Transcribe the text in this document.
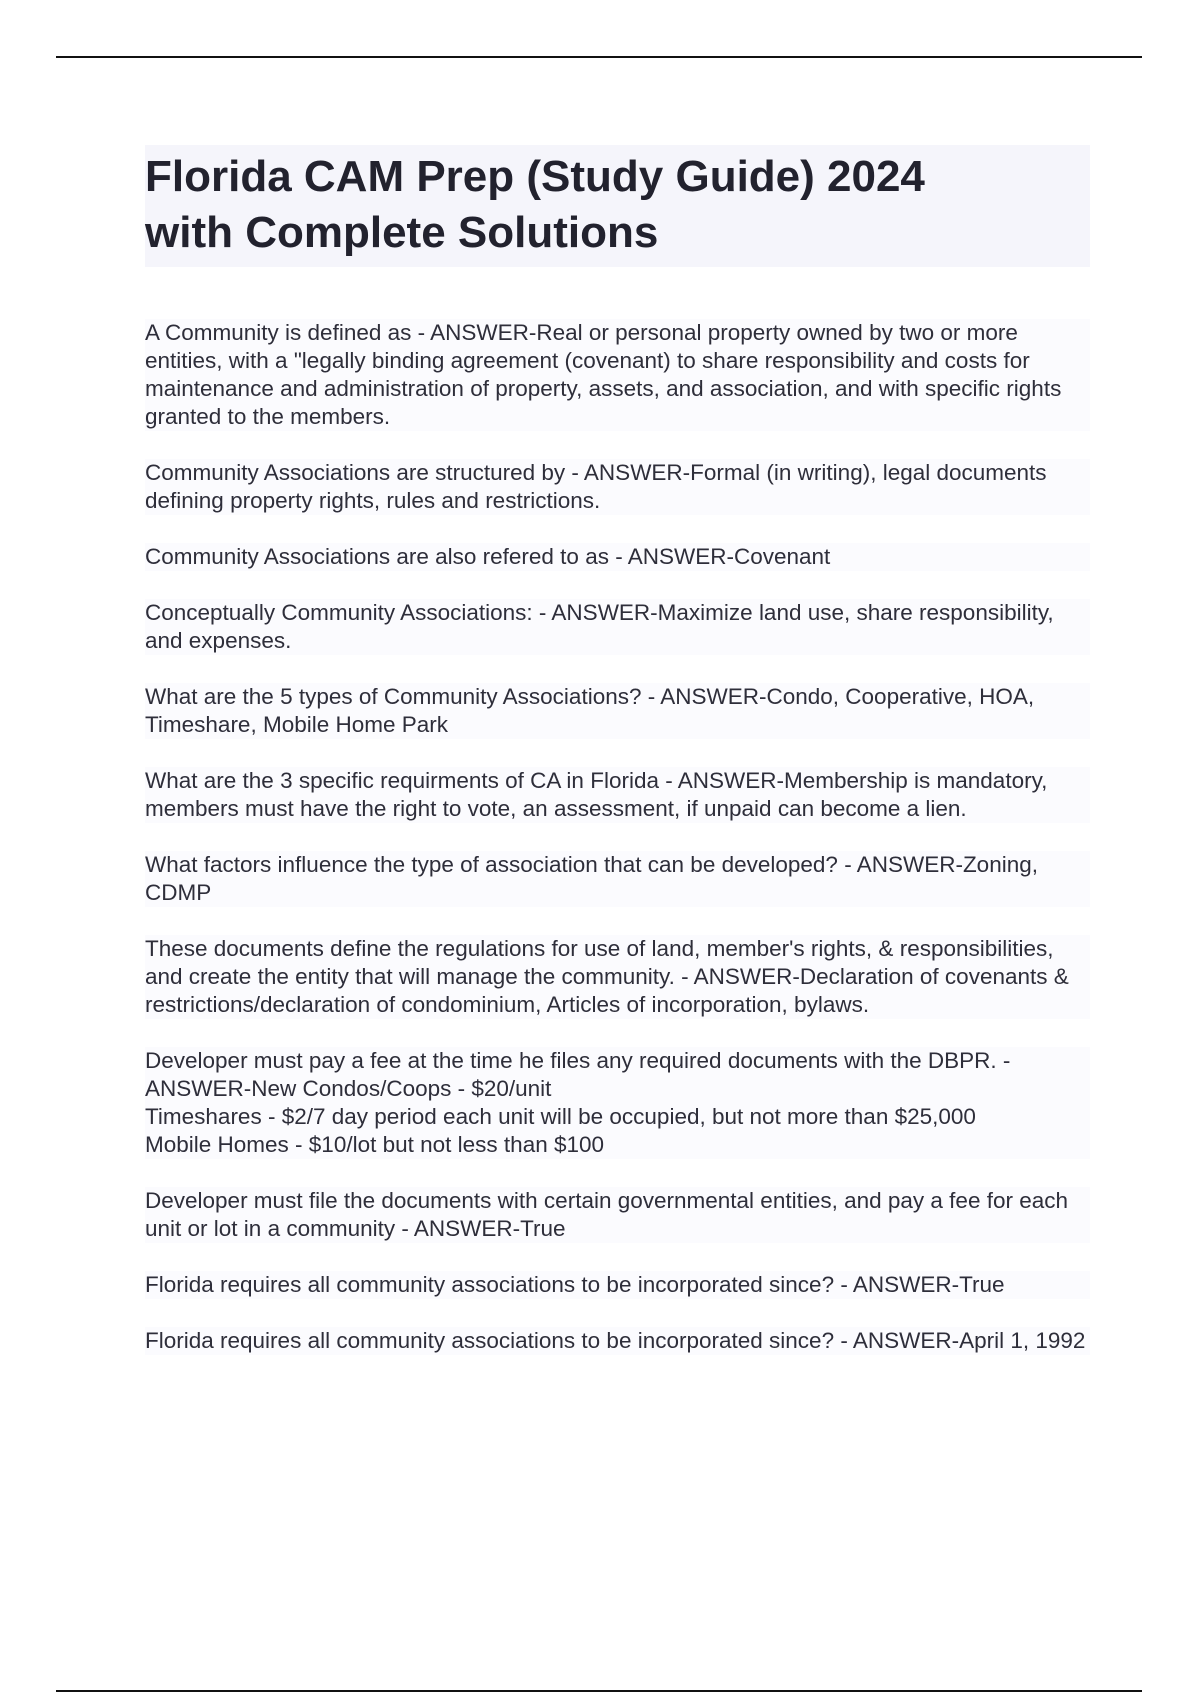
Florida CAM Prep (Study Guide) 2024
with Complete Solutions
A Community is defined as - ANSWER-Real or personal property owned by two or more entities, with a "legally binding agreement (covenant) to share responsibility and costs for maintenance and administration of property, assets, and association, and with specific rights granted to the members.
Community Associations are structured by - ANSWER-Formal (in writing), legal documents defining property rights, rules and restrictions.
Community Associations are also refered to as - ANSWER-Covenant
Conceptually Community Associations: - ANSWER-Maximize land use, share responsibility, and expenses.
What are the 5 types of Community Associations? - ANSWER-Condo, Cooperative, HOA, Timeshare, Mobile Home Park
What are the 3 specific requirments of CA in Florida - ANSWER-Membership is mandatory, members must have the right to vote, an assessment, if unpaid can become a lien.
What factors influence the type of association that can be developed? - ANSWER-Zoning, CDMP
These documents define the regulations for use of land, member's rights, & responsibilities, and create the entity that will manage the community. - ANSWER-Declaration of covenants & restrictions/declaration of condominium, Articles of incorporation, bylaws.
Developer must pay a fee at the time he files any required documents with the DBPR. - ANSWER-New Condos/Coops - $20/unit
Timeshares - $2/7 day period each unit will be occupied, but not more than $25,000
Mobile Homes - $10/lot but not less than $100
Developer must file the documents with certain governmental entities, and pay a fee for each unit or lot in a community - ANSWER-True
Florida requires all community associations to be incorporated since? - ANSWER-True
Florida requires all community associations to be incorporated since? - ANSWER-April 1, 1992
